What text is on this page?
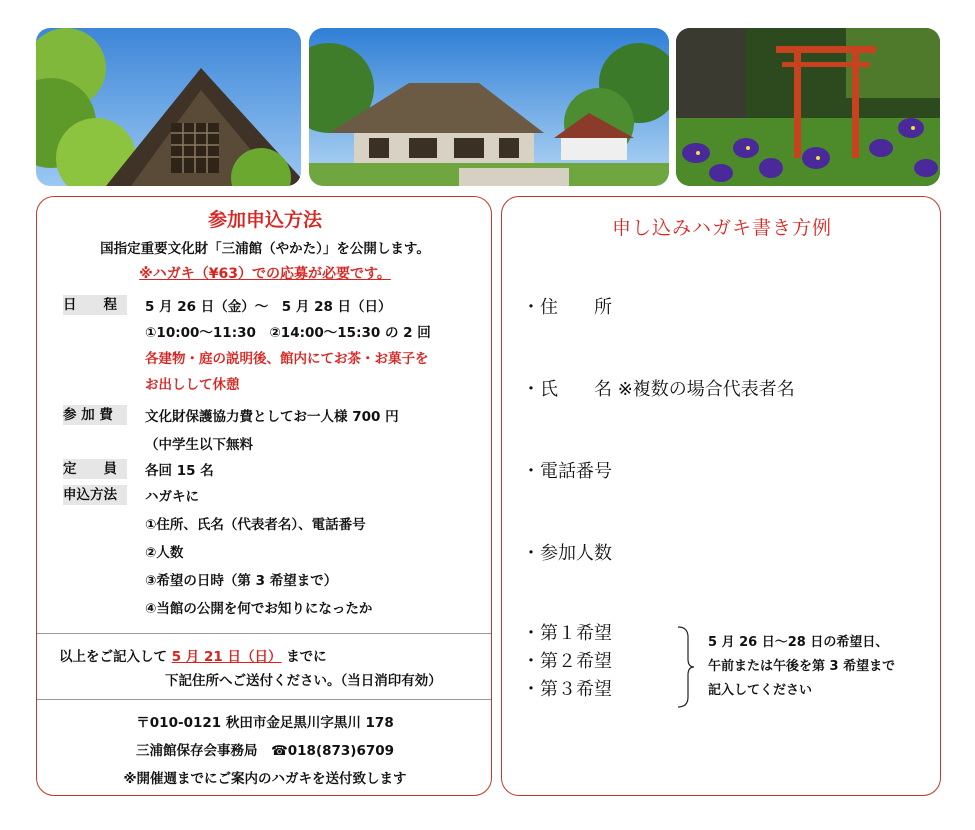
参加申込方法
国指定重要文化財「三浦館（やかた）」を公開します。
※ハガキ（¥63）での応募が必要です。
日　　程	5 月 26 日（金）～　5 月 28 日（日）
①10:00～11:30　②14:00～15:30 の 2 回
各建物・庭の説明後、館内にてお茶・お菓子を
お出しして休憩
参 加 費	文化財保護協力費としてお一人様 700 円
（中学生以下無料
定　　員	各回 15 名
申込方法	ハガキに
①住所、氏名（代表者名）、電話番号
②人数
③希望の日時（第 3 希望まで）
④当館の公開を何でお知りになったか
以上をご記入して 5 月 21 日（日） までに
下記住所へご送付ください。（当日消印有効）
〒010-0121 秋田市金足黒川字黒川 178
三浦館保存会事務局　☎018(873)6709
※開催週までにご案内のハガキを送付致します
申し込みハガキ書き方例
・住　　所
・氏　　名 ※複数の場合代表者名
・電話番号
・参加人数
・第１希望
・第２希望
・第３希望
5 月 26 日～28 日の希望日、
午前または午後を第 3 希望まで
記入してください
